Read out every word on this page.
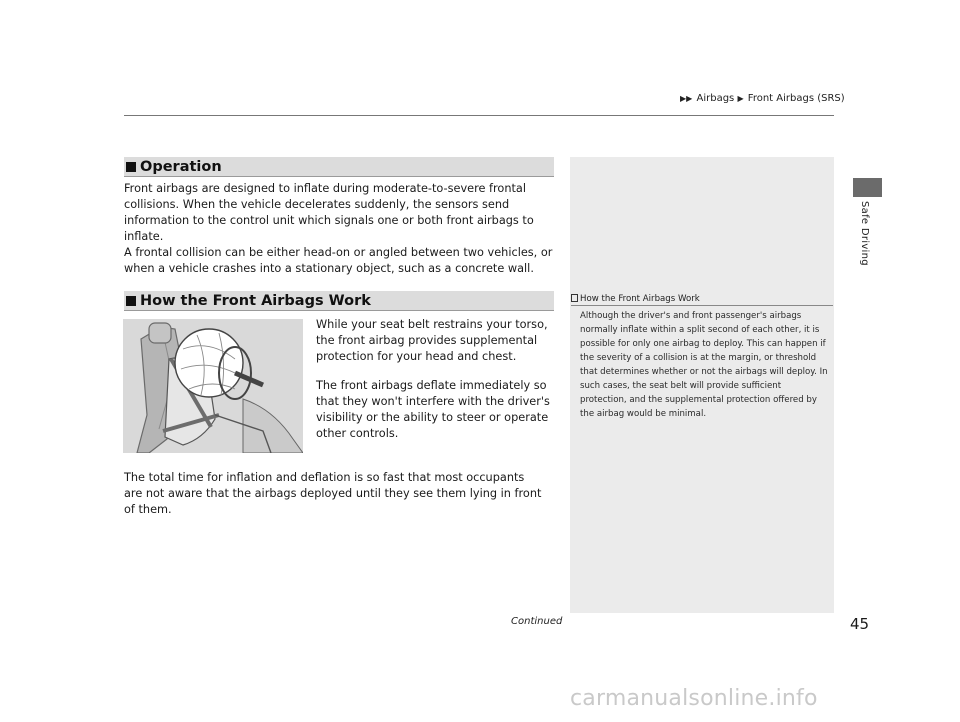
▶▶ Airbags ▶ Front Airbags (SRS)
Safe Driving
Operation
Front airbags are designed to inflate during moderate-to-severe frontal collisions. When the vehicle decelerates suddenly, the sensors send information to the control unit which signals one or both front airbags to inflate.
A frontal collision can be either head-on or angled between two vehicles, or when a vehicle crashes into a stationary object, such as a concrete wall.
How the Front Airbags Work
While your seat belt restrains your torso, the front airbag provides supplemental protection for your head and chest.
The front airbags deflate immediately so that they won't interfere with the driver's visibility or the ability to steer or operate other controls.
The total time for inflation and deflation is so fast that most occupants are not aware that the airbags deployed until they see them lying in front of them.
How the Front Airbags Work
Although the driver's and front passenger's airbags normally inflate within a split second of each other, it is possible for only one airbag to deploy. This can happen if the severity of a collision is at the margin, or threshold that determines whether or not the airbags will deploy. In such cases, the seat belt will provide sufficient protection, and the supplemental protection offered by the airbag would be minimal.
Continued	45
carmanualsonline.info
